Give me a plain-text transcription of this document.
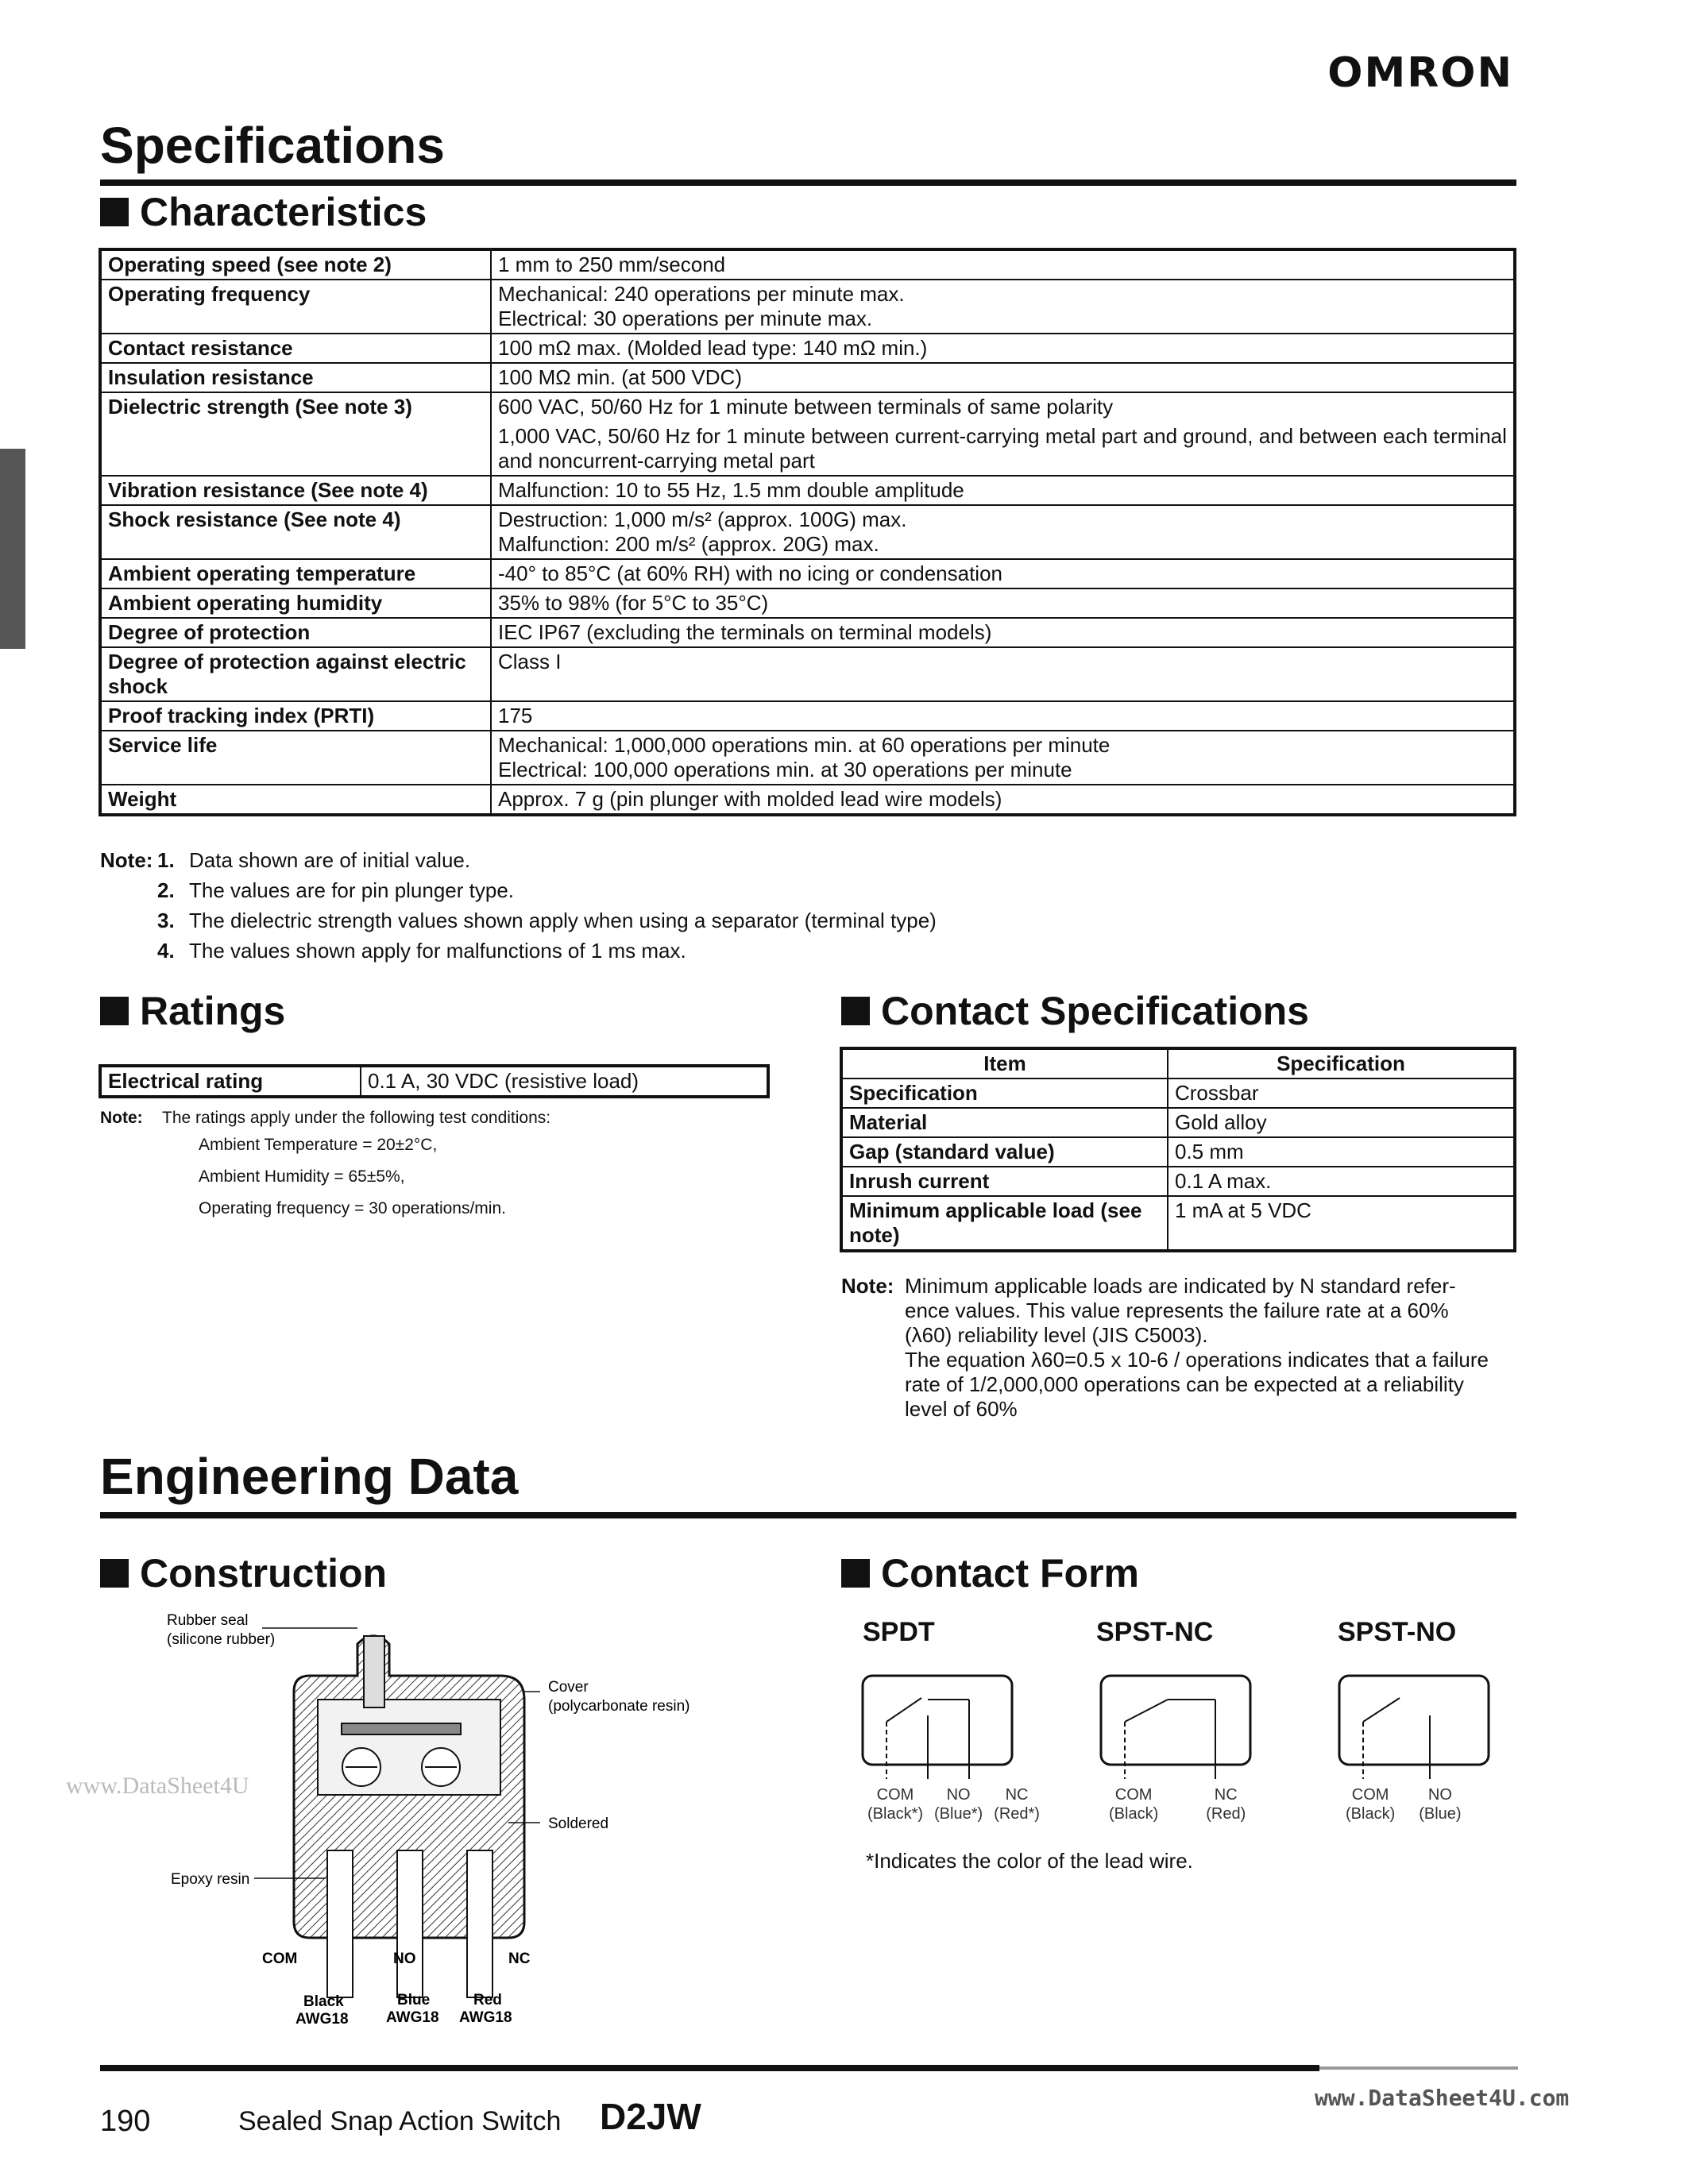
OMRON
Specifications
Characteristics
Operating speed (see note 2)	1 mm to 250 mm/second

Operating frequency	Mechanical: 240 operations per minute max.
Electrical: 30 operations per minute max.

Contact resistance	100 mΩ max. (Molded lead type: 140 mΩ min.)

Insulation resistance	100 MΩ min. (at 500 VDC)

Dielectric strength (See note 3)	600 VAC, 50/60 Hz for 1 minute between terminals of same polarity
1,000 VAC, 50/60 Hz for 1 minute between current-carrying metal part and ground, and between each terminal and noncurrent-carrying metal part

Vibration resistance (See note 4)	Malfunction: 10 to 55 Hz, 1.5 mm double amplitude

Shock resistance (See note 4)	Destruction: 1,000 m/s² (approx. 100G) max.
Malfunction: 200 m/s² (approx. 20G) max.

Ambient operating temperature	-40° to 85°C (at 60% RH) with no icing or condensation

Ambient operating humidity	35% to 98% (for 5°C to 35°C)

Degree of protection	IEC IP67 (excluding the terminals on terminal models)

Degree of protection against electric shock	Class I

Proof tracking index (PRTI)	175

Service life	Mechanical: 1,000,000 operations min. at 60 operations per minute
Electrical: 100,000 operations min. at 30 operations per minute

Weight	Approx. 7 g (pin plunger with molded lead wire models)
Note: 1. Data shown are of initial value.
2. The values are for pin plunger type.
3. The dielectric strength values shown apply when using a separator (terminal type)
4. The values shown apply for malfunctions of 1 ms max.
Ratings
Electrical rating	0.1 A, 30 VDC (resistive load)
Note:	The ratings apply under the following test conditions:
Ambient Temperature = 20±2°C,
Ambient Humidity = 65±5%,
Operating frequency = 30 operations/min.
Contact Specifications
Item	Specification
Specification	Crossbar
Material	Gold alloy
Gap (standard value)	0.5 mm
Inrush current	0.1 A max.
Minimum applicable load (see note)	1 mA at 5 VDC
Note: Minimum applicable loads are indicated by N standard refer-
ence values. This value represents the failure rate at a 60%
(λ60) reliability level (JIS C5003).
The equation λ60=0.5 x 10-6 / operations indicates that a failure
rate of 1/2,000,000 operations can be expected at a reliability
level of 60%
Engineering Data
Construction
www.DataSheet4U
Rubber seal
(silicone rubber)
Cover
(polycarbonate resin)
Soldered
Epoxy resin
COM	NO	NC
Black
AWG18
Blue
AWG18
Red
AWG18
Contact Form
SPDT
COM
(Black*)
NO
(Blue*)
NC
(Red*)
SPST-NC
COM
(Black)
NC
(Red)
SPST-NO
COM
(Black)
NO
(Blue)
*Indicates the color of the lead wire.
www.DataSheet4U.com
190	Sealed Snap Action Switch D2JW
